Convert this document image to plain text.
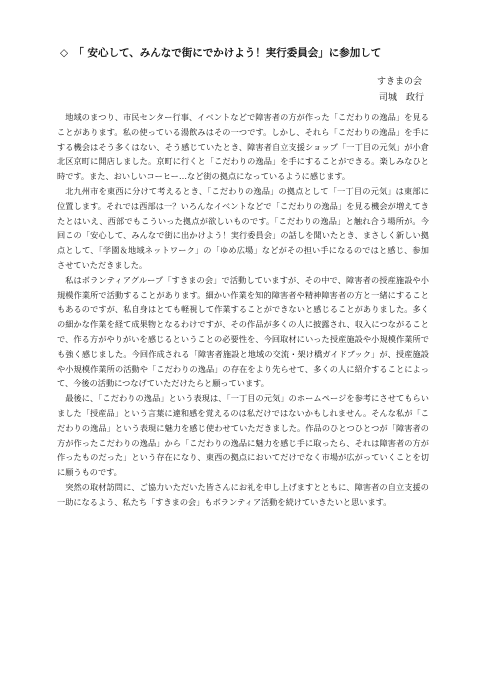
◇　「 安心して、みんなで街にでかけよう！実行委員会」に参加して
すきまの会
司城　政行

地域のまつり、市民センター行事、イベントなどで障害者の方が作った「こだわりの逸品」を見ることがあります。私の使っている湯飲みはその一つです。しかし、それら「こだわりの逸品」を手にする機会はそう多くはない、そう感じていたとき、障害者自立支援ショップ「一丁目の元気」が小倉北区京町に開店しました。京町に行くと「こだわりの逸品」を手にすることができる。楽しみなひと時です。また、おいしいコーヒー…など街の拠点になっているように感じます。

北九州市を東西に分けて考えるとき、「こだわりの逸品」の拠点として「一丁目の元気」は東部に位置します。それでは西部は一？いろんなイベントなどで「こだわりの逸品」を見る機会が増えてきたとはいえ、西部でもこういった拠点が欲しいものです。「こだわりの逸品」と触れ合う場所が。今回この「安心して、みんなで街に出かけよう！実行委員会」の話しを聞いたとき、まさしく新しい拠点として、「学園＆地域ネットワーク」の「ゆめ広場」などがその担い手になるのではと感じ、参加させていただきました。

私はボランティアグループ「すきまの会」で活動していますが、その中で、障害者の授産施設や小規模作業所で活動することがあります。細かい作業を知的障害者や精神障害者の方と一緒にすることもあるのですが、私自身はとても軽視して作業することができないと感じることがありました。多くの細かな作業を経て成果物となるわけですが、その作品が多くの人に披露され、収入につながることで、作る方がやりがいを感じるということの必要性を、今回取材にいった授産施設や小規模作業所でも強く感じました。今回作成される「障害者施設と地域の交流・架け橋ガイドブック」が、授産施設や小規模作業所の活動や「こだわりの逸品」の存在をより先らせて、多くの人に紹介することによって、今後の活動につなげていただけたらと願っています。

最後に、「こだわりの逸品」という表現は、「一丁目の元気」のホームページを参考にさせてもらいました「授産品」という言葉に違和感を覚えるのは私だけではないかもしれません。そんな私が「こだわりの逸品」という表現に魅力を感じ使わせていただきました。作品のひとつひとつが「障害者の方が作ったこだわりの逸品」から「こだわりの逸品に魅力を感じ手に取ったら、それは障害者の方が作ったものだった」という存在になり、東西の拠点においてだけでなく市場が広がっていくことを切に願うものです。

突然の取材訪問に、ご協力いただいた皆さんにお礼を申し上げますとともに、障害者の自立支援の一助になるよう、私たち「すきまの会」もボランティア活動を続けていきたいと思います。
